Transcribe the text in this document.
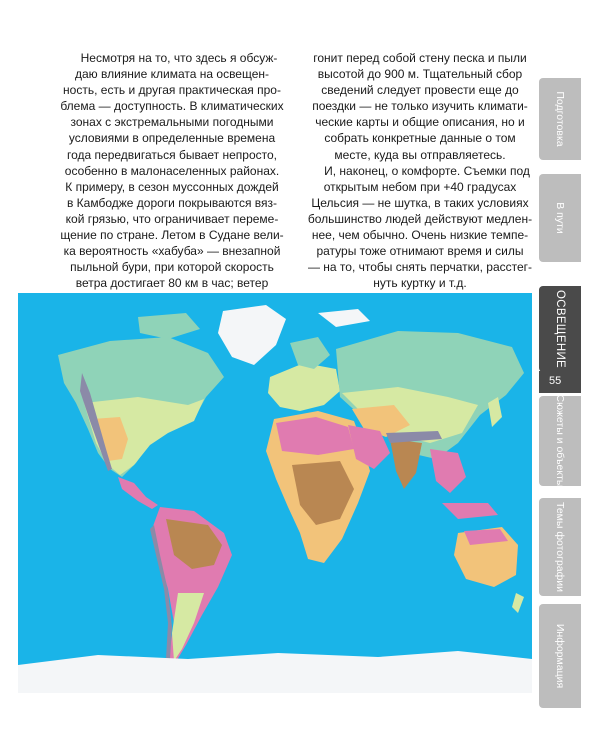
Несмотря на то, что здесь я обсуж-
даю влияние климата на освещен-
ность, есть и другая практическая про-
блема — доступность. В климатических
зонах с экстремальными погодными
условиями в определенные времена
года передвигаться бывает непросто,
особенно в малонаселенных районах.
К примеру, в сезон муссонных дождей
в Камбодже дороги покрываются вяз-
кой грязью, что ограничивает переме-
щение по стране. Летом в Судане вели-
ка вероятность «хабуба» — внезапной
пыльной бури, при которой скорость
ветра достигает 80 км в час; ветер
гонит перед собой стену песка и пыли
высотой до 900 м. Тщательный сбор
сведений следует провести еще до
поездки — не только изучить климати-
ческие карты и общие описания, но и
собрать конкретные данные о том
месте, куда вы отправляетесь.
И, наконец, о комфорте. Съемки под
открытым небом при +40 градусах
Цельсия — не шутка, в таких условиях
большинство людей действуют медлен-
нее, чем обычно. Очень низкие темпе-
ратуры тоже отнимают время и силы
— на то, чтобы снять перчатки, расстег-
нуть куртку и т.д.
Подготовка
В пути
ОСВЕЩЕНИЕ
Сюжеты и объекты
Темы фотографии
Информация
55
